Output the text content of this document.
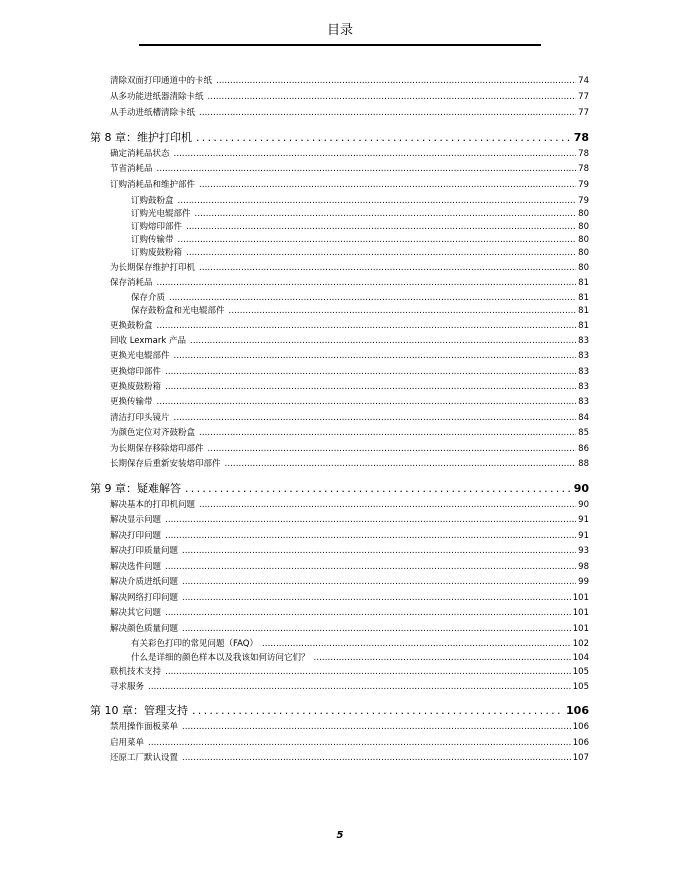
目录
清除双面打印通道中的卡纸 . . .	74
从多功能进纸器清除卡纸 . . .	77
从手动进纸槽清除卡纸 . . .	77
第 8 章：维护打印机 . . .	78
确定消耗品状态 . . .	78
节省消耗品 . . .	78
订购消耗品和维护部件 . . .	79
订购鼓粉盒 . . .	79
订购光电辊部件 . . .	80
订购熔印部件 . . .	80
订购传输带 . . .	80
订购废鼓粉箱 . . .	80
为长期保存维护打印机 . . .	80
保存消耗品 . . .	81
保存介质 . . .	81
保存鼓粉盒和光电辊部件 . . .	81
更换鼓粉盒 . . .	81
回收 Lexmark 产品 . . .	83
更换光电辊部件 . . .	83
更换熔印部件 . . .	83
更换废鼓粉箱 . . .	83
更换传输带 . . .	83
清洁打印头镜片 . . .	84
为颜色定位对齐鼓粉盒 . . .	85
为长期保存移除熔印部件 . . .	86
长期保存后重新安装熔印部件 . . .	88
第 9 章：疑难解答 . . .	90
解决基本的打印机问题 . . .	90
解决显示问题 . . .	91
解决打印问题 . . .	91
解决打印质量问题 . . .	93
解决选件问题 . . .	98
解决介质进纸问题 . . .	99
解决网络打印问题 . . .	101
解决其它问题 . . .	101
解决颜色质量问题 . . .	101
有关彩色打印的常见问题（FAQ） . . .	102
什么是详细的颜色样本以及我该如何访问它们？ . . .	104
联机技术支持 . . .	105
寻求服务 . . .	105
第 10 章：管理支持 . . .	106
禁用操作面板菜单 . . .	106
启用菜单 . . .	106
还原工厂默认设置 . . .	107
5
